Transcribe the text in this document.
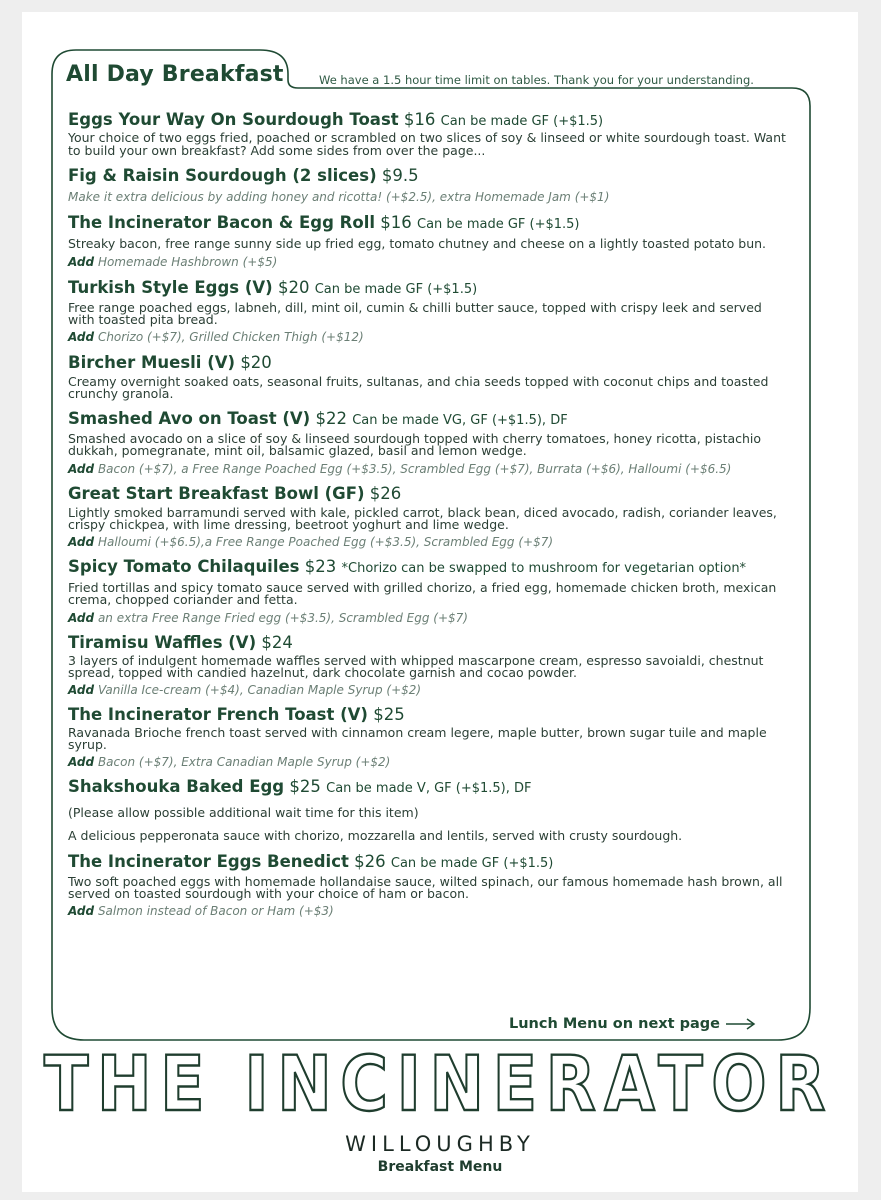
All Day Breakfast	We have a 1.5 hour time limit on tables. Thank you for your understanding.
Eggs Your Way On Sourdough Toast $16 Can be made GF (+$1.5)

Your choice of two eggs fried, poached or scrambled on two slices of soy & linseed or white sourdough toast. Want to build your own breakfast? Add some sides from over the page...

Fig & Raisin Sourdough (2 slices) $9.5

Make it extra delicious by adding honey and ricotta! (+$2.5), extra Homemade Jam (+$1)

The Incinerator Bacon & Egg Roll $16 Can be made GF (+$1.5)

Streaky bacon, free range sunny side up fried egg, tomato chutney and cheese on a lightly toasted potato bun.

Add Homemade Hashbrown (+$5)

Turkish Style Eggs (V) $20 Can be made GF (+$1.5)

Free range poached eggs, labneh, dill, mint oil, cumin & chilli butter sauce, topped with crispy leek and served with toasted pita bread.

Add Chorizo (+$7), Grilled Chicken Thigh (+$12)

Bircher Muesli (V) $20

Creamy overnight soaked oats, seasonal fruits, sultanas, and chia seeds topped with coconut chips and toasted crunchy granola.

Smashed Avo on Toast (V) $22 Can be made VG, GF (+$1.5), DF

Smashed avocado on a slice of soy & linseed sourdough topped with cherry tomatoes, honey ricotta, pistachio dukkah, pomegranate, mint oil, balsamic glazed, basil and lemon wedge.

Add Bacon (+$7), a Free Range Poached Egg (+$3.5), Scrambled Egg (+$7), Burrata (+$6), Halloumi (+$6.5)

Great Start Breakfast Bowl (GF) $26

Lightly smoked barramundi served with kale, pickled carrot, black bean, diced avocado, radish, coriander leaves, crispy chickpea, with lime dressing, beetroot yoghurt and lime wedge.

Add Halloumi (+$6.5),a Free Range Poached Egg (+$3.5), Scrambled Egg (+$7)

Spicy Tomato Chilaquiles $23 *Chorizo can be swapped to mushroom for vegetarian option*

Fried tortillas and spicy tomato sauce served with grilled chorizo, a fried egg, homemade chicken broth, mexican crema, chopped coriander and fetta.

Add an extra Free Range Fried egg (+$3.5), Scrambled Egg (+$7)

Tiramisu Waffles (V) $24

3 layers of indulgent homemade waffles served with whipped mascarpone cream, espresso savoialdi, chestnut spread, topped with candied hazelnut, dark chocolate garnish and cocao powder.

Add Vanilla Ice-cream (+$4), Canadian Maple Syrup (+$2)

The Incinerator French Toast (V) $25

Ravanada Brioche french toast served with cinnamon cream legere, maple butter, brown sugar tuile and maple syrup.

Add Bacon (+$7), Extra Canadian Maple Syrup (+$2)

Shakshouka Baked Egg $25 Can be made V, GF (+$1.5), DF

(Please allow possible additional wait time for this item)

A delicious pepperonata sauce with chorizo, mozzarella and lentils, served with crusty sourdough.

The Incinerator Eggs Benedict $26 Can be made GF (+$1.5)

Two soft poached eggs with homemade hollandaise sauce, wilted spinach, our famous homemade hash brown, all served on toasted sourdough with your choice of ham or bacon.

Add Salmon instead of Bacon or Ham (+$3)

Lunch Menu on next page
THE INCINERATOR
WILLOUGHBY
Breakfast Menu
